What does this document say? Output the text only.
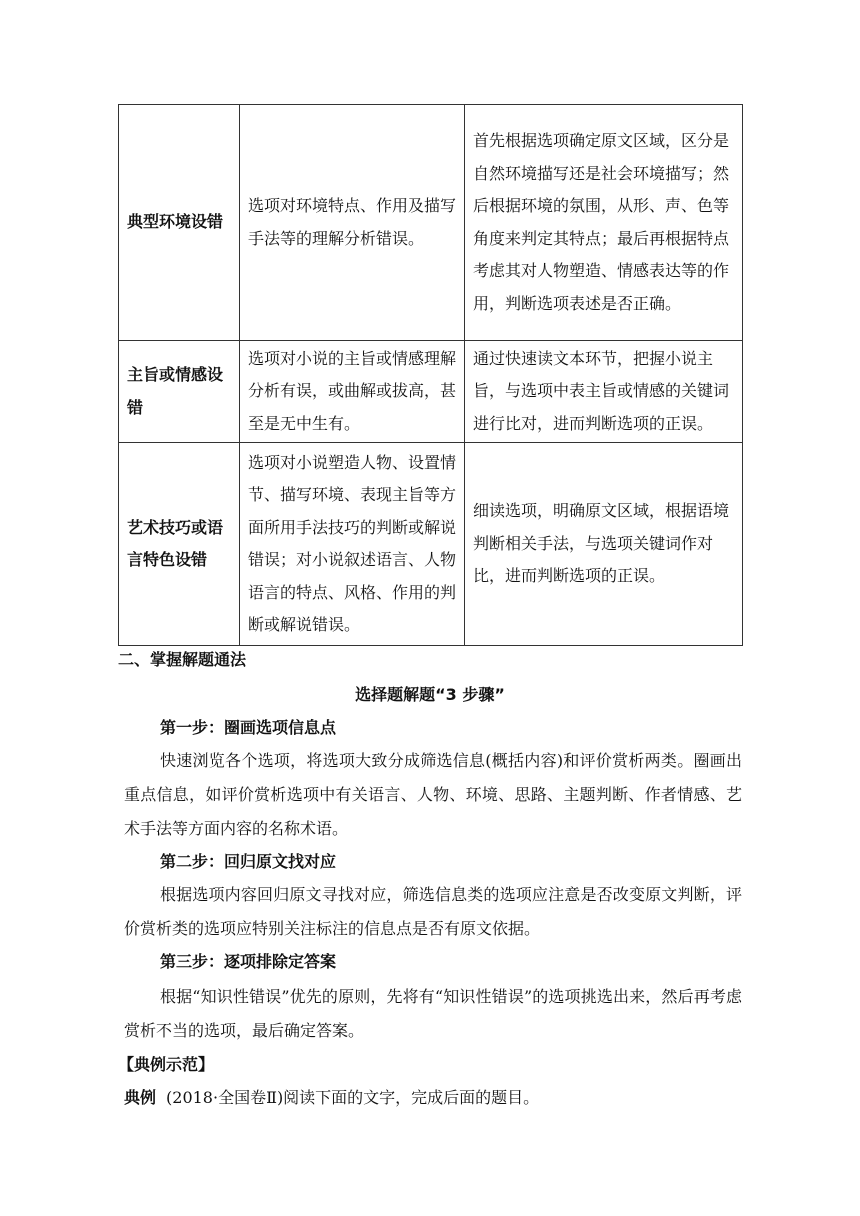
典型环境设错	选项对环境特点、作用及描写手法等的理解分析错误。	首先根据选项确定原文区域，区分是自然环境描写还是社会环境描写；然后根据环境的氛围，从形、声、色等角度来判定其特点；最后再根据特点考虑其对人物塑造、情感表达等的作用，判断选项表述是否正确。
主旨或情感设错	选项对小说的主旨或情感理解分析有误，或曲解或拔高，甚至是无中生有。	通过快速读文本环节，把握小说主旨，与选项中表主旨或情感的关键词进行比对，进而判断选项的正误。
艺术技巧或语言特色设错	选项对小说塑造人物、设置情节、描写环境、表现主旨等方面所用手法技巧的判断或解说错误；对小说叙述语言、人物语言的特点、风格、作用的判断或解说错误。	细读选项，明确原文区域，根据语境判断相关手法，与选项关键词作对比，进而判断选项的正误。
二、掌握解题通法
选择题解题“3 步骤”
第一步：圈画选项信息点
快速浏览各个选项，将选项大致分成筛选信息(概括内容)和评价赏析两类。圈画出重点信息，如评价赏析选项中有关语言、人物、环境、思路、主题判断、作者情感、艺术手法等方面内容的名称术语。
第二步：回归原文找对应
根据选项内容回归原文寻找对应，筛选信息类的选项应注意是否改变原文判断，评价赏析类的选项应特别关注标注的信息点是否有原文依据。
第三步：逐项排除定答案
根据“知识性错误”优先的原则，先将有“知识性错误”的选项挑选出来，然后再考虑赏析不当的选项，最后确定答案。
【典例示范】
典例 (2018·全国卷Ⅱ)阅读下面的文字，完成后面的题目。
